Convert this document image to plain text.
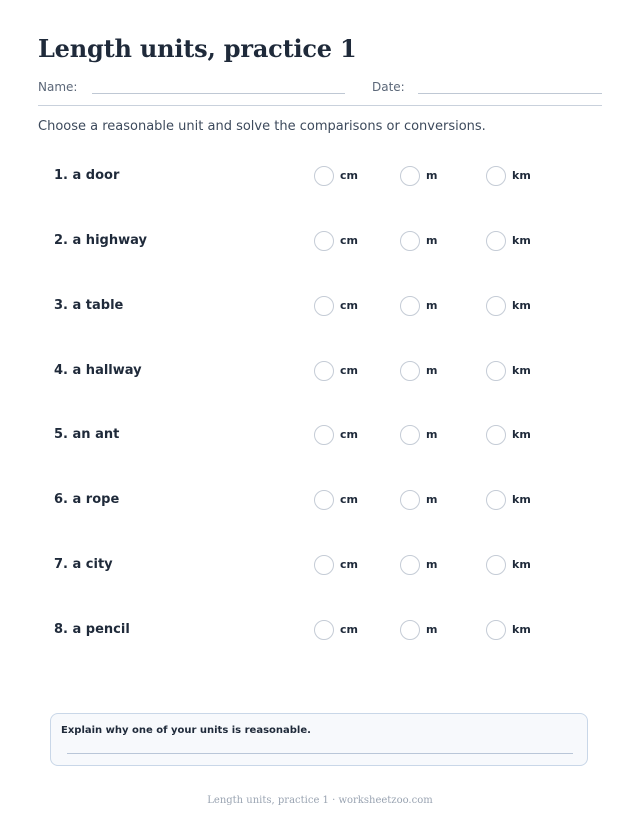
Length units, practice 1
Name:	Date:
Choose a reasonable unit and solve the comparisons or conversions.
1. a door	cm	m	km
2. a highway	cm	m	km
3. a table	cm	m	km
4. a hallway	cm	m	km
5. an ant	cm	m	km
6. a rope	cm	m	km
7. a city	cm	m	km
8. a pencil	cm	m	km
Explain why one of your units is reasonable.
Length units, practice 1 · worksheetzoo.com
